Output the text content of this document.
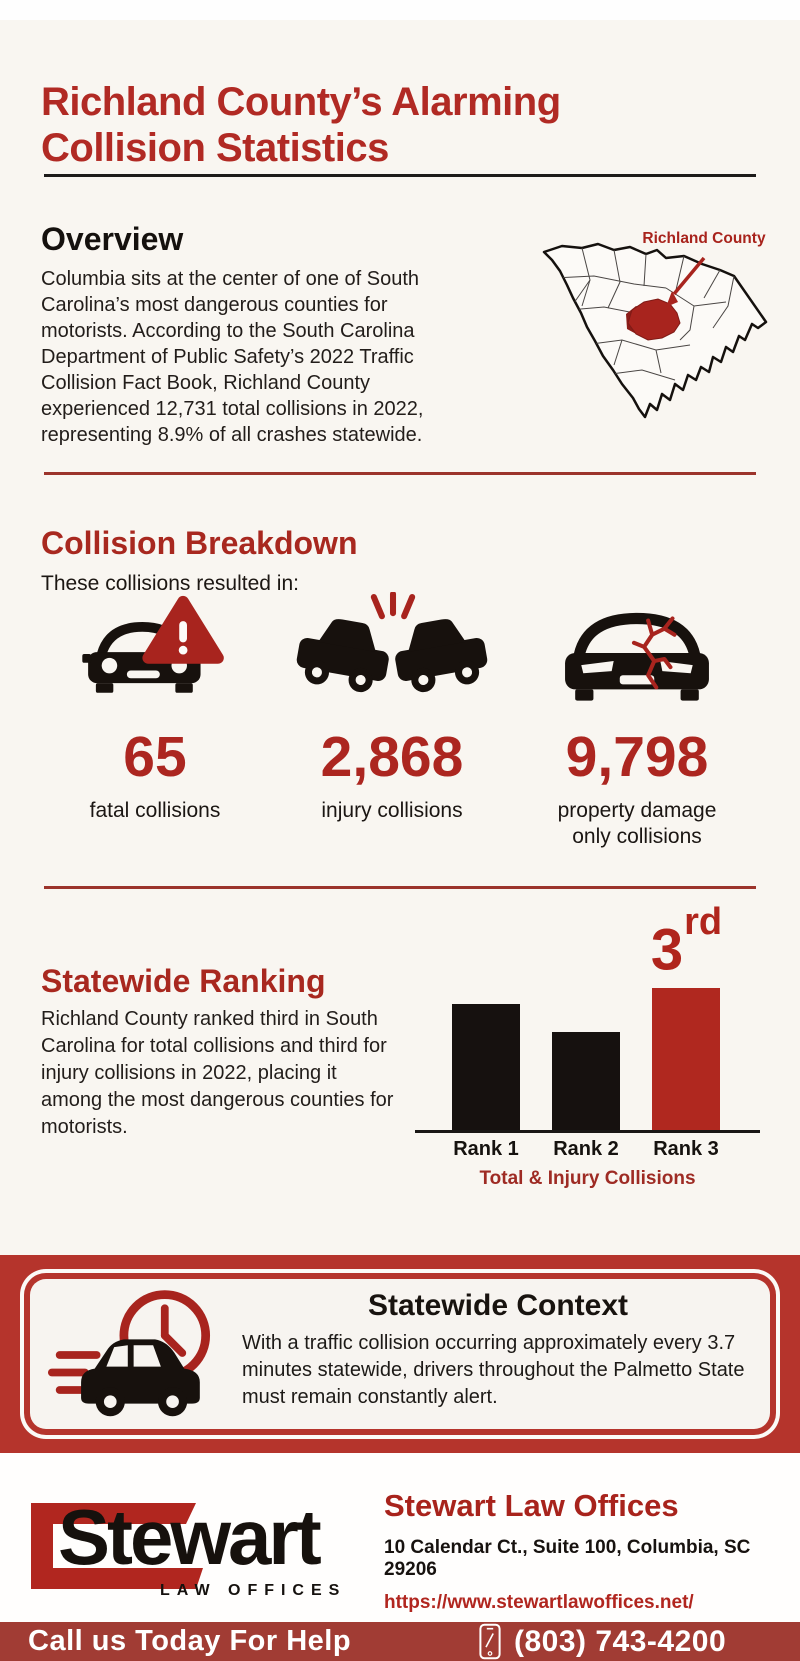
Richland County’s Alarming Collision Statistics
Overview

Columbia sits at the center of one of South Carolina’s most dangerous counties for motorists. According to the South Carolina Department of Public Safety’s 2022 Traffic Collision Fact Book, Richland County experienced 12,731 total collisions in 2022, representing 8.9% of all crashes statewide.

Richland County
Collision Breakdown

These collisions resulted in:

65
fatal collisions
2,868
injury collisions
9,798
property damage only collisions
Statewide Ranking

Richland County ranked third in South Carolina for total collisions and third for injury collisions in 2022, placing it among the most dangerous counties for motorists.

3rd
Rank 1 Rank 2 Rank 3
Total & Injury Collisions
Statewide Context
With a traffic collision occurring approximately every 3.7 minutes statewide, drivers throughout the Palmetto State must remain constantly alert.
Stewart
LAW OFFICES
Stewart Law Offices
10 Calendar Ct., Suite 100, Columbia, SC 29206
https://www.stewartlawoffices.net/
Call us Today For Help	(803) 743-4200
